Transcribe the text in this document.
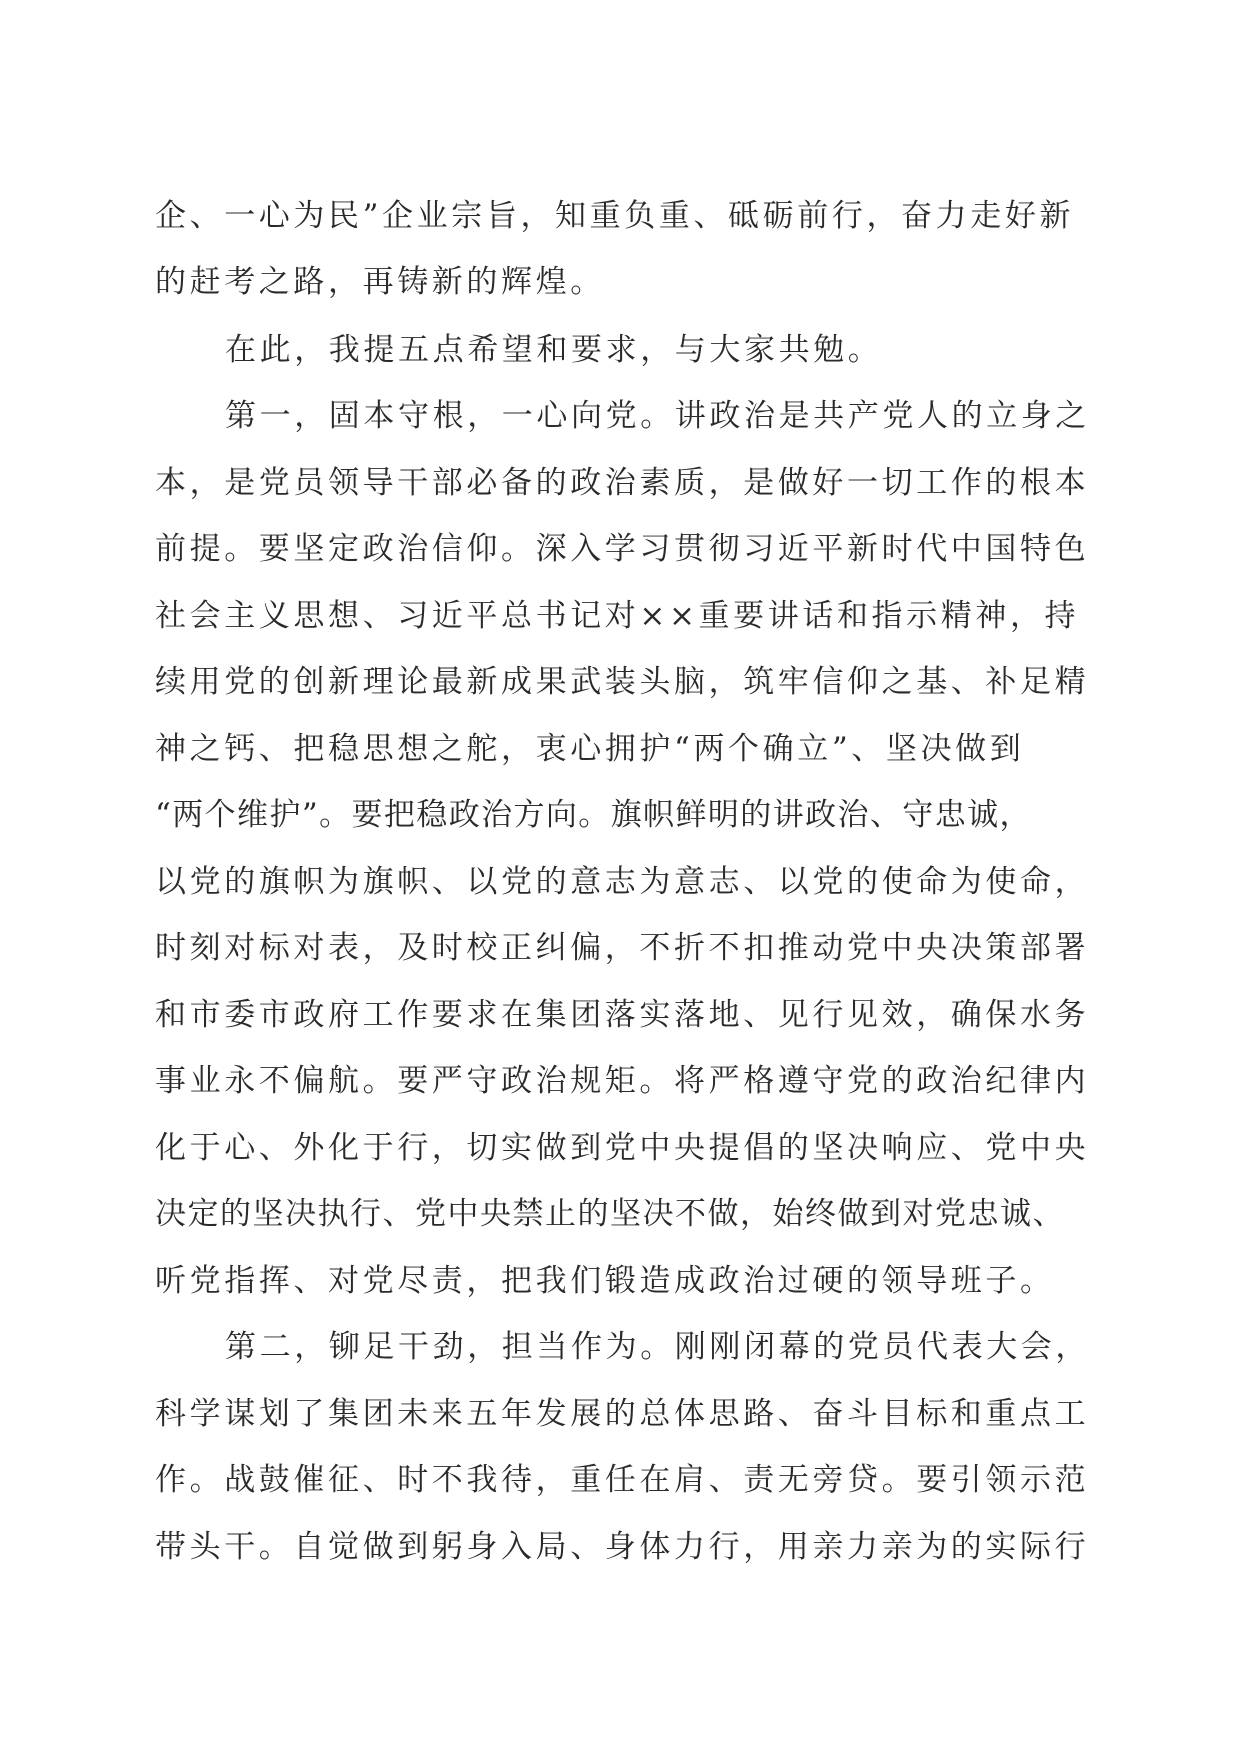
企、一心为民”企业宗旨，知重负重、砥砺前行，奋力走好新
的赶考之路，再铸新的辉煌。
在此，我提五点希望和要求，与大家共勉。
第一，固本守根，一心向党。讲政治是共产党人的立身之
本，是党员领导干部必备的政治素质，是做好一切工作的根本
前提。要坚定政治信仰。深入学习贯彻习近平新时代中国特色
社会主义思想、习近平总书记对××重要讲话和指示精神，持
续用党的创新理论最新成果武装头脑，筑牢信仰之基、补足精
神之钙、把稳思想之舵，衷心拥护“两个确立”、坚决做到
“两个维护”。要把稳政治方向。旗帜鲜明的讲政治、守忠诚，
以党的旗帜为旗帜、以党的意志为意志、以党的使命为使命，
时刻对标对表，及时校正纠偏，不折不扣推动党中央决策部署
和市委市政府工作要求在集团落实落地、见行见效，确保水务
事业永不偏航。要严守政治规矩。将严格遵守党的政治纪律内
化于心、外化于行，切实做到党中央提倡的坚决响应、党中央
决定的坚决执行、党中央禁止的坚决不做，始终做到对党忠诚、
听党指挥、对党尽责，把我们锻造成政治过硬的领导班子。
第二，铆足干劲，担当作为。刚刚闭幕的党员代表大会，
科学谋划了集团未来五年发展的总体思路、奋斗目标和重点工
作。战鼓催征、时不我待，重任在肩、责无旁贷。要引领示范
带头干。自觉做到躬身入局、身体力行，用亲力亲为的实际行
